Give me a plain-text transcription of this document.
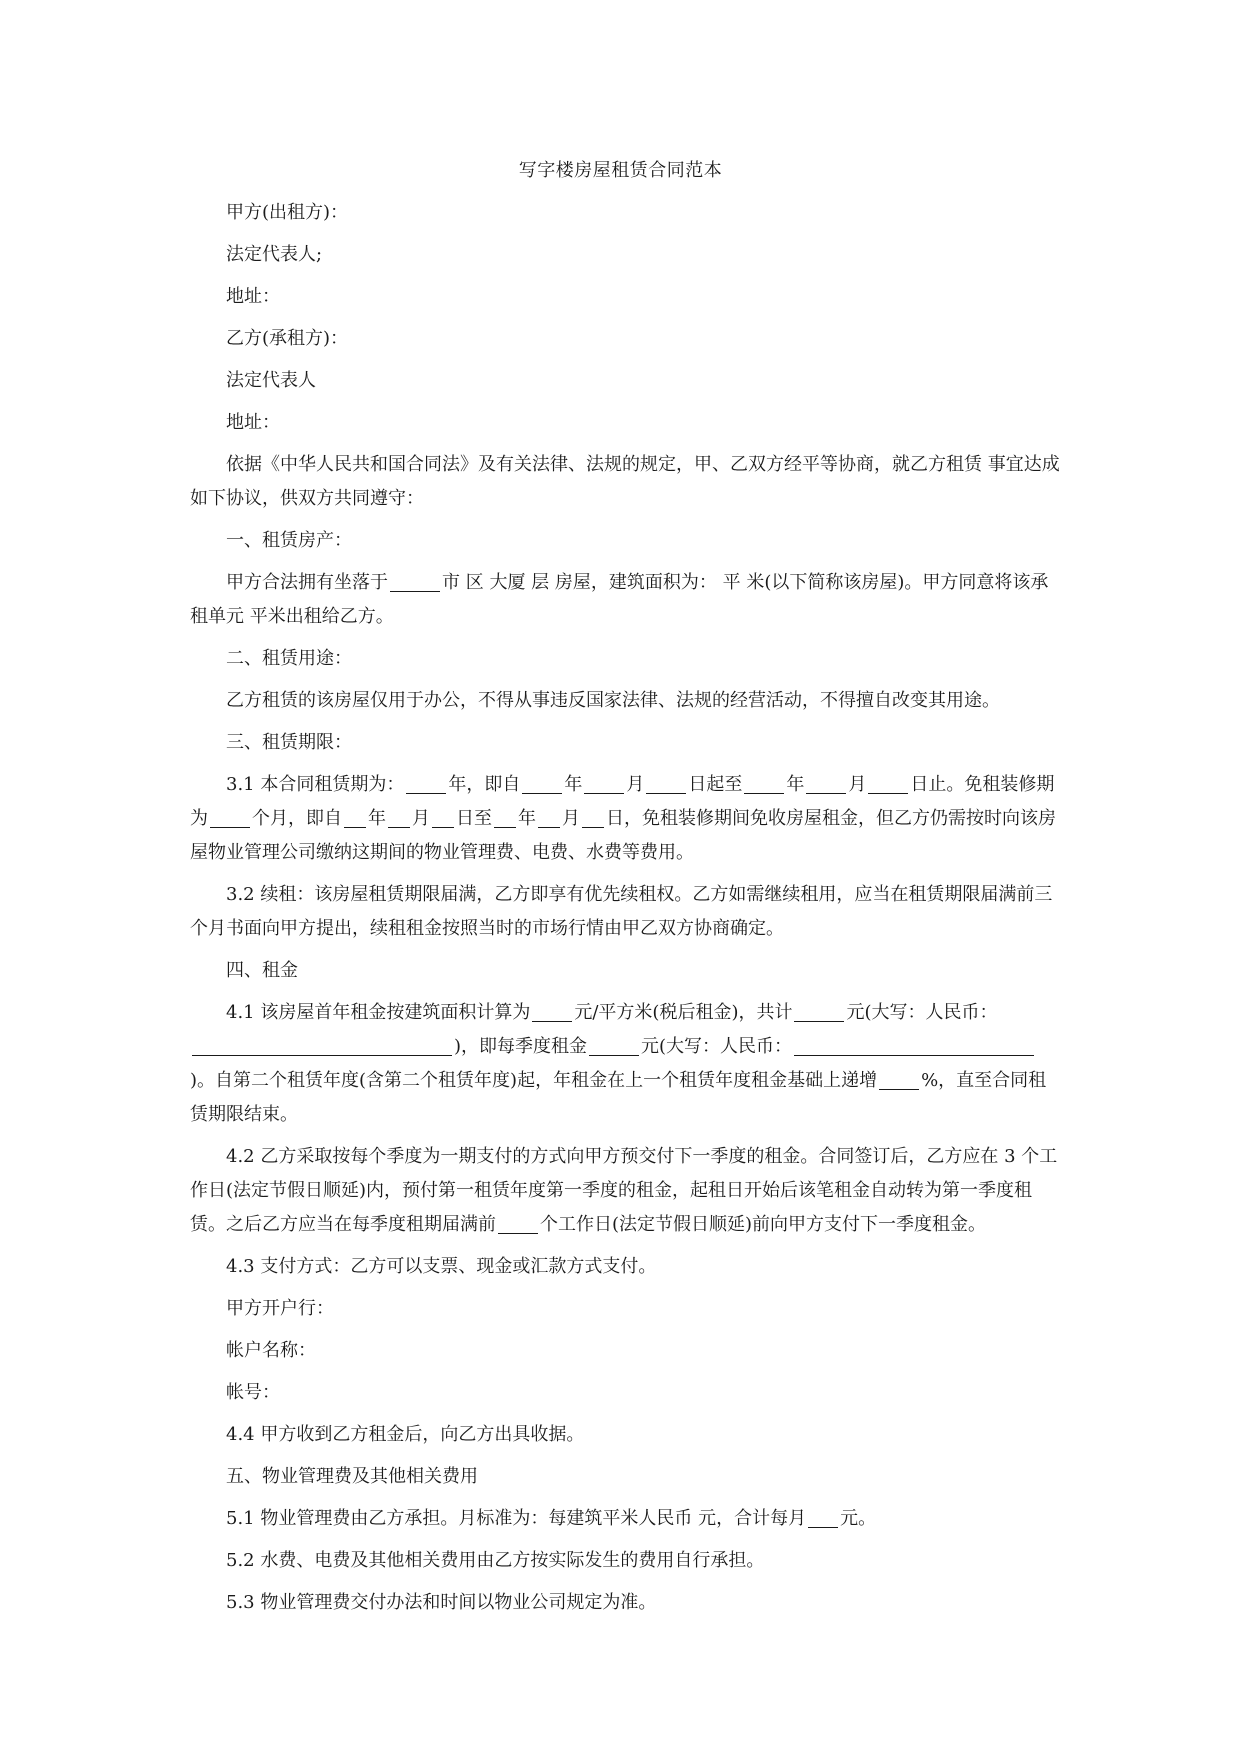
写字楼房屋租赁合同范本

甲方(出租方)：

法定代表人;

地址：

乙方(承租方)：

法定代表人

地址：

依据《中华人民共和国合同法》及有关法律、法规的规定，甲、乙双方经平等协商，就乙方租赁 事宜达成如下协议，供双方共同遵守：

一、租赁房产：

甲方合法拥有坐落于	市 区 大厦 层 房屋，建筑面积为： 平 米(以下简称该房屋)。甲方同意将该承租单元 平米出租给乙方。

二、租赁用途：

乙方租赁的该房屋仅用于办公，不得从事违反国家法律、法规的经营活动，不得擅自改变其用途。

三、租赁期限：

3.1 本合同租赁期为： 年，即自 年 月 日起至 年 月 日止。免租装修期为 个月，即自 年 月 日至 年 月 日，免租装修期间免收房屋租金，但乙方仍需按时向该房屋物业管理公司缴纳这期间的物业管理费、电费、水费等费用。

3.2 续租：该房屋租赁期限届满，乙方即享有优先续租权。乙方如需继续租用，应当在租赁期限届满前三个月书面向甲方提出，续租租金按照当时的市场行情由甲乙双方协商确定。

四、租金

4.1 该房屋首年租金按建筑面积计算为 元/平方米(税后租金)，共计	元(大写：人民币：)，即每季度租金	元(大写：人民币：)。自第二个租赁年度(含第二个租赁年度)起，年租金在上一个租赁年度租金基础上递增 %，直至合同租赁期限结束。

4.2 乙方采取按每个季度为一期支付的方式向甲方预交付下一季度的租金。合同签订后，乙方应在 3 个工作日(法定节假日顺延)内，预付第一租赁年度第一季度的租金，起租日开始后该笔租金自动转为第一季度租赁。之后乙方应当在每季度租期届满前 个工作日(法定节假日顺延)前向甲方支付下一季度租金。

4.3 支付方式：乙方可以支票、现金或汇款方式支付。

甲方开户行：

帐户名称：

帐号：

4.4 甲方收到乙方租金后，向乙方出具收据。

五、物业管理费及其他相关费用

5.1 物业管理费由乙方承担。月标准为：每建筑平米人民币 元，合计每月 元。

5.2 水费、电费及其他相关费用由乙方按实际发生的费用自行承担。

5.3 物业管理费交付办法和时间以物业公司规定为准。
